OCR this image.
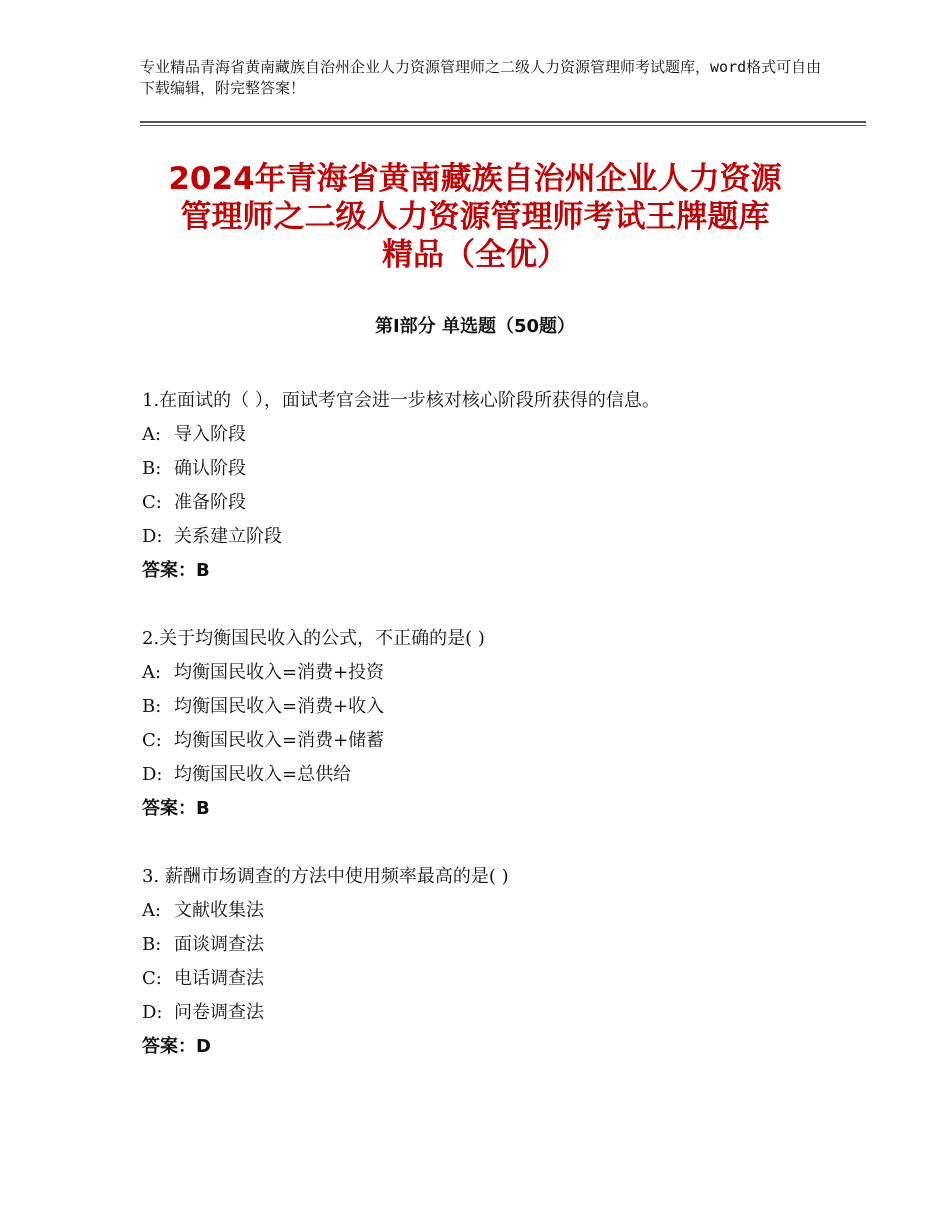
专业精品青海省黄南藏族自治州企业人力资源管理师之二级人力资源管理师考试题库，word格式可自由下载编辑，附完整答案！
2024年青海省黄南藏族自治州企业人力资源
管理师之二级人力资源管理师考试王牌题库
精品（全优）
第Ⅰ部分 单选题（50题）
1.在面试的（ ），面试考官会进一步核对核心阶段所获得的信息。
A: 导入阶段
B: 确认阶段
C: 准备阶段
D: 关系建立阶段
答案：B
2.关于均衡国民收入的公式，不正确的是( )
A: 均衡国民收入=消费+投资
B: 均衡国民收入=消费+收入
C: 均衡国民收入=消费+储蓄
D: 均衡国民收入=总供给
答案：B
3. 薪酬市场调查的方法中使用频率最高的是( )
A: 文献收集法
B: 面谈调查法
C: 电话调查法
D: 问卷调查法
答案：D
